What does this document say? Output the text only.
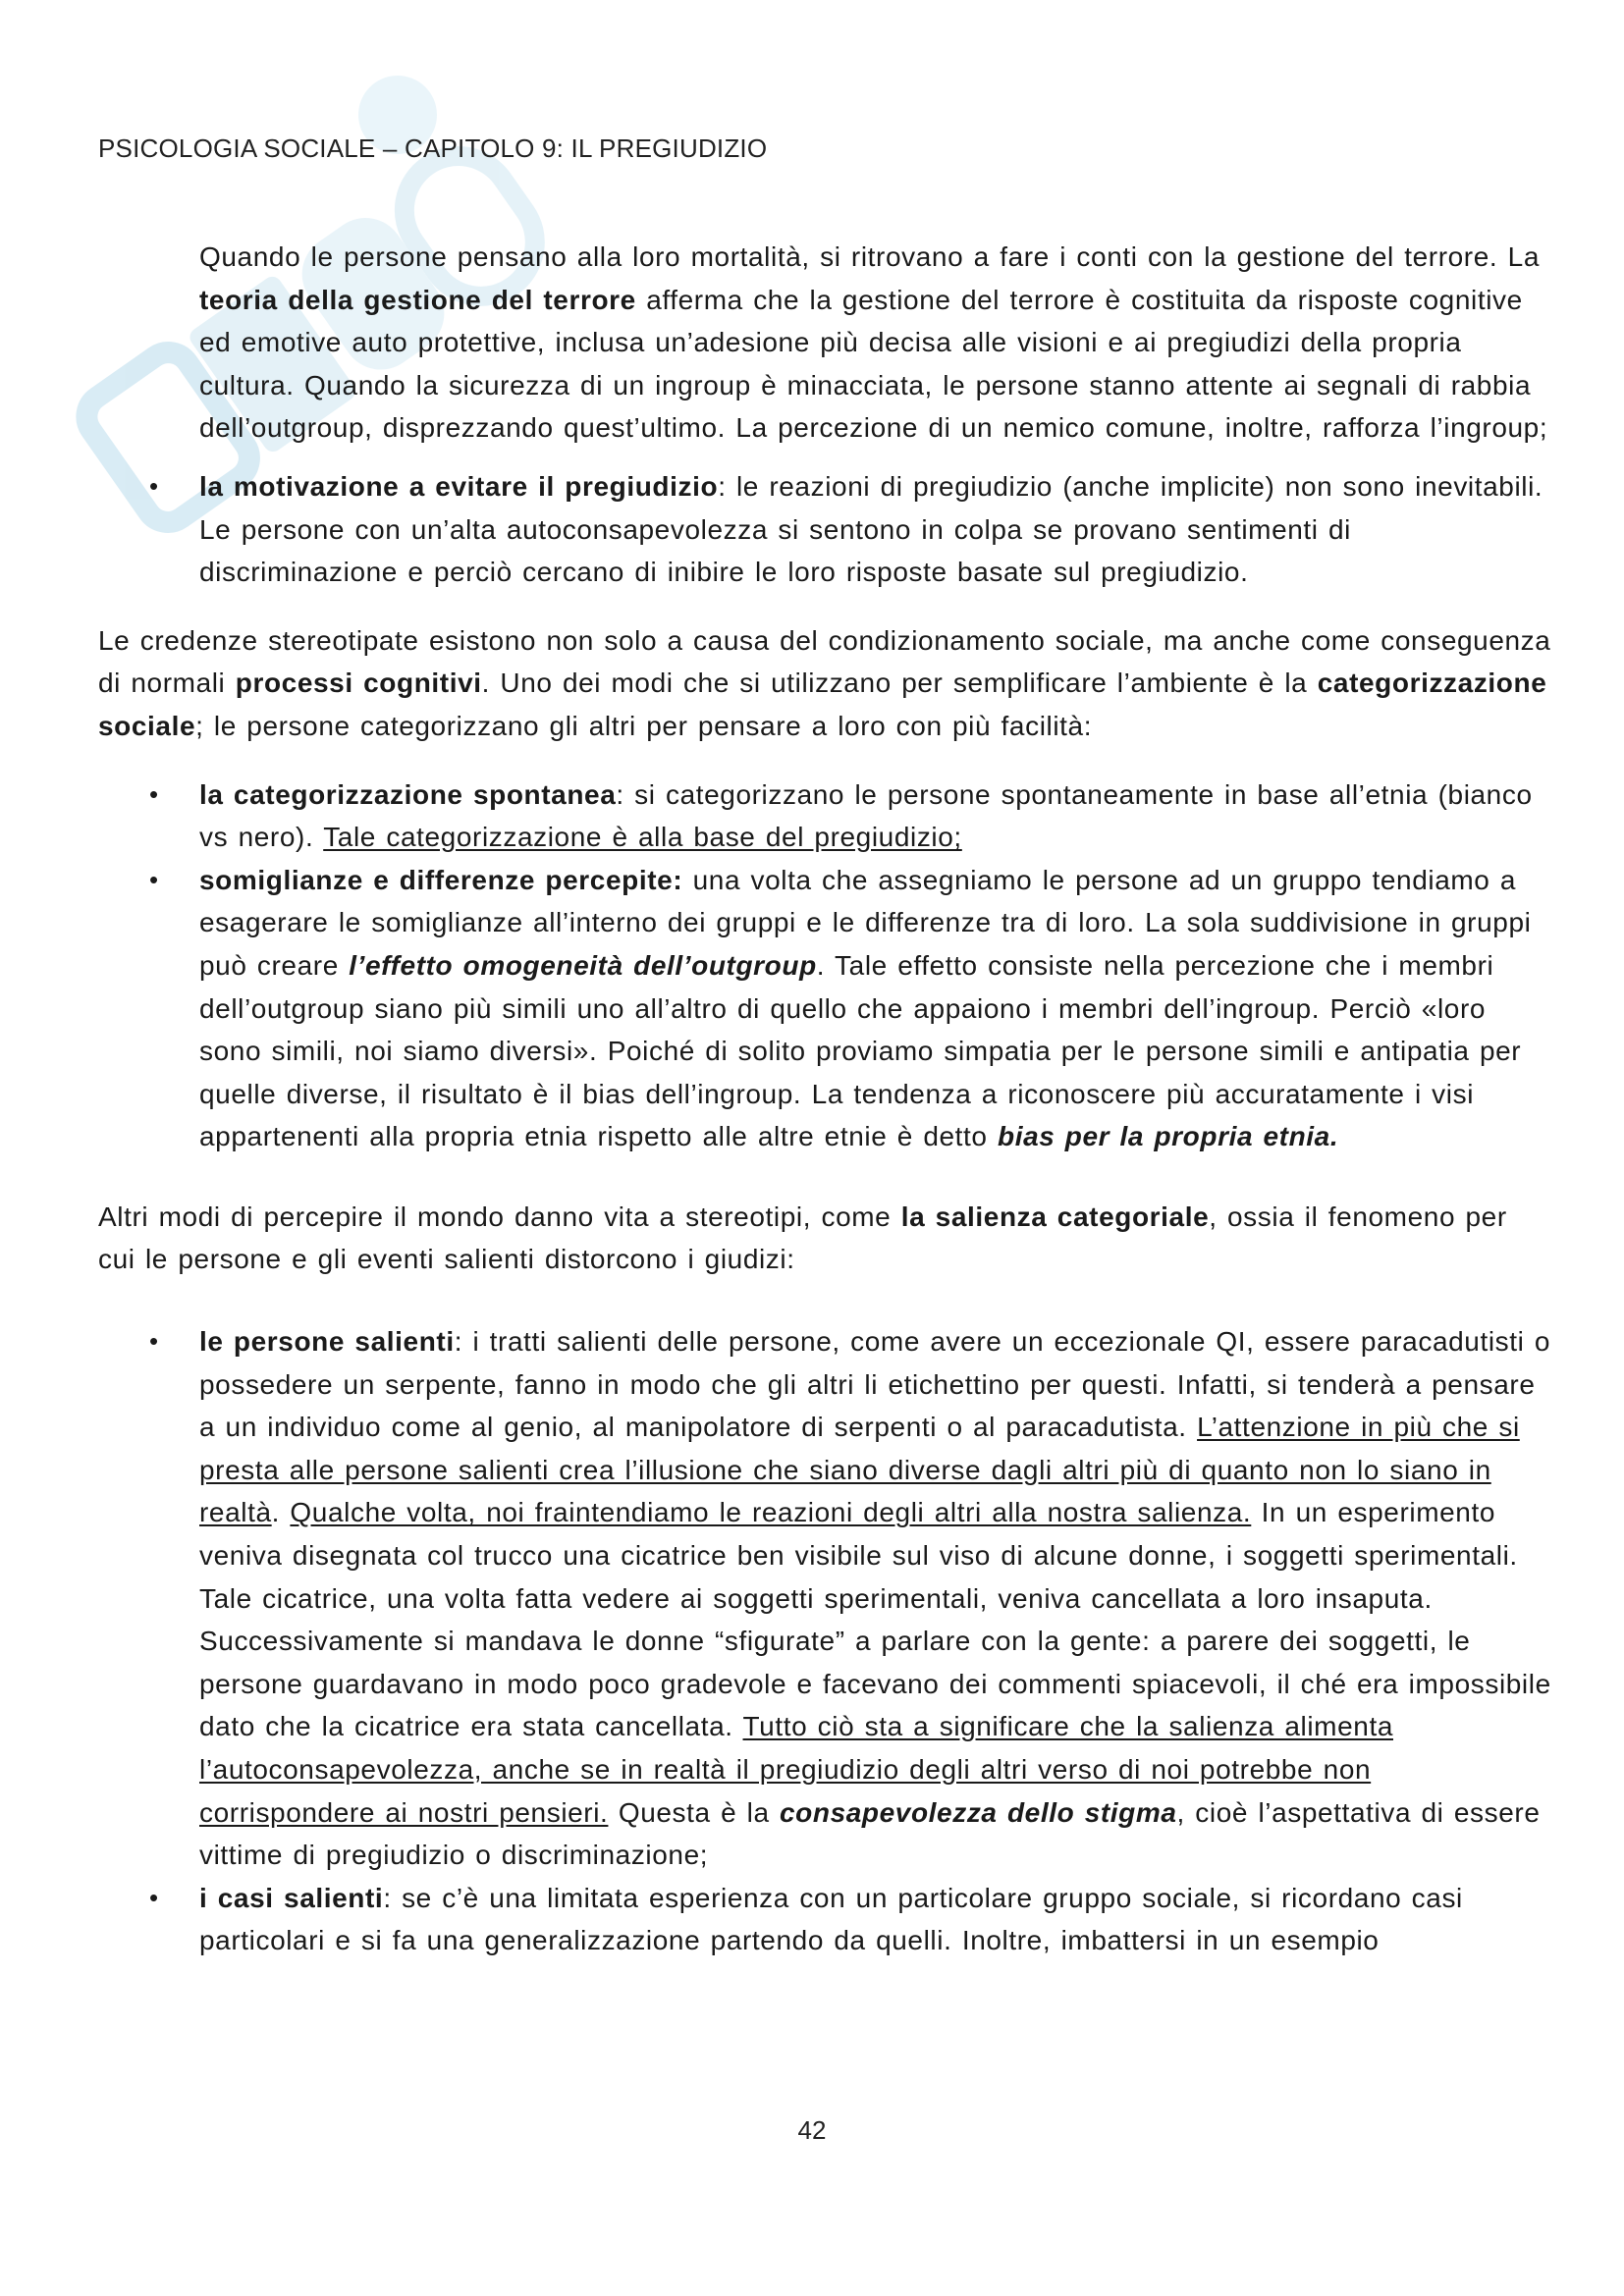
PSICOLOGIA SOCIALE – CAPITOLO 9: IL PREGIUDIZIO

Quando le persone pensano alla loro mortalità, si ritrovano a fare i conti con la gestione del terrore. La teoria della gestione del terrore afferma che la gestione del terrore è costituita da risposte cognitive ed emotive auto protettive, inclusa un’adesione più decisa alle visioni e ai pregiudizi della propria cultura. Quando la sicurezza di un ingroup è minacciata, le persone stanno attente ai segnali di rabbia dell’outgroup, disprezzando quest’ultimo. La percezione di un nemico comune, inoltre, rafforza l’ingroup;

• la motivazione a evitare il pregiudizio: le reazioni di pregiudizio (anche implicite) non sono inevitabili. Le persone con un’alta autoconsapevolezza si sentono in colpa se provano sentimenti di discriminazione e perciò cercano di inibire le loro risposte basate sul pregiudizio.

Le credenze stereotipate esistono non solo a causa del condizionamento sociale, ma anche come conseguenza di normali processi cognitivi. Uno dei modi che si utilizzano per semplificare l’ambiente è la categorizzazione sociale; le persone categorizzano gli altri per pensare a loro con più facilità:

• la categorizzazione spontanea: si categorizzano le persone spontaneamente in base all’etnia (bianco vs nero). Tale categorizzazione è alla base del pregiudizio;
• somiglianze e differenze percepite: una volta che assegniamo le persone ad un gruppo tendiamo a esagerare le somiglianze all’interno dei gruppi e le differenze tra di loro. La sola suddivisione in gruppi può creare l’effetto omogeneità dell’outgroup. Tale effetto consiste nella percezione che i membri dell’outgroup siano più simili uno all’altro di quello che appaiono i membri dell’ingroup. Perciò «loro sono simili, noi siamo diversi». Poiché di solito proviamo simpatia per le persone simili e antipatia per quelle diverse, il risultato è il bias dell’ingroup. La tendenza a riconoscere più accuratamente i visi appartenenti alla propria etnia rispetto alle altre etnie è detto bias per la propria etnia.

Altri modi di percepire il mondo danno vita a stereotipi, come la salienza categoriale, ossia il fenomeno per cui le persone e gli eventi salienti distorcono i giudizi:

• le persone salienti: i tratti salienti delle persone, come avere un eccezionale QI, essere paracadutisti o possedere un serpente, fanno in modo che gli altri li etichettino per questi. Infatti, si tenderà a pensare a un individuo come al genio, al manipolatore di serpenti o al paracadutista. L’attenzione in più che si presta alle persone salienti crea l’illusione che siano diverse dagli altri più di quanto non lo siano in realtà. Qualche volta, noi fraintendiamo le reazioni degli altri alla nostra salienza. In un esperimento veniva disegnata col trucco una cicatrice ben visibile sul viso di alcune donne, i soggetti sperimentali. Tale cicatrice, una volta fatta vedere ai soggetti sperimentali, veniva cancellata a loro insaputa. Successivamente si mandava le donne “sfigurate” a parlare con la gente: a parere dei soggetti, le persone guardavano in modo poco gradevole e facevano dei commenti spiacevoli, il ché era impossibile dato che la cicatrice era stata cancellata. Tutto ciò sta a significare che la salienza alimenta l’autoconsapevolezza, anche se in realtà il pregiudizio degli altri verso di noi potrebbe non corrispondere ai nostri pensieri. Questa è la consapevolezza dello stigma, cioè l’aspettativa di essere vittime di pregiudizio o discriminazione;
• i casi salienti: se c’è una limitata esperienza con un particolare gruppo sociale, si ricordano casi particolari e si fa una generalizzazione partendo da quelli. Inoltre, imbattersi in un esempio
42
